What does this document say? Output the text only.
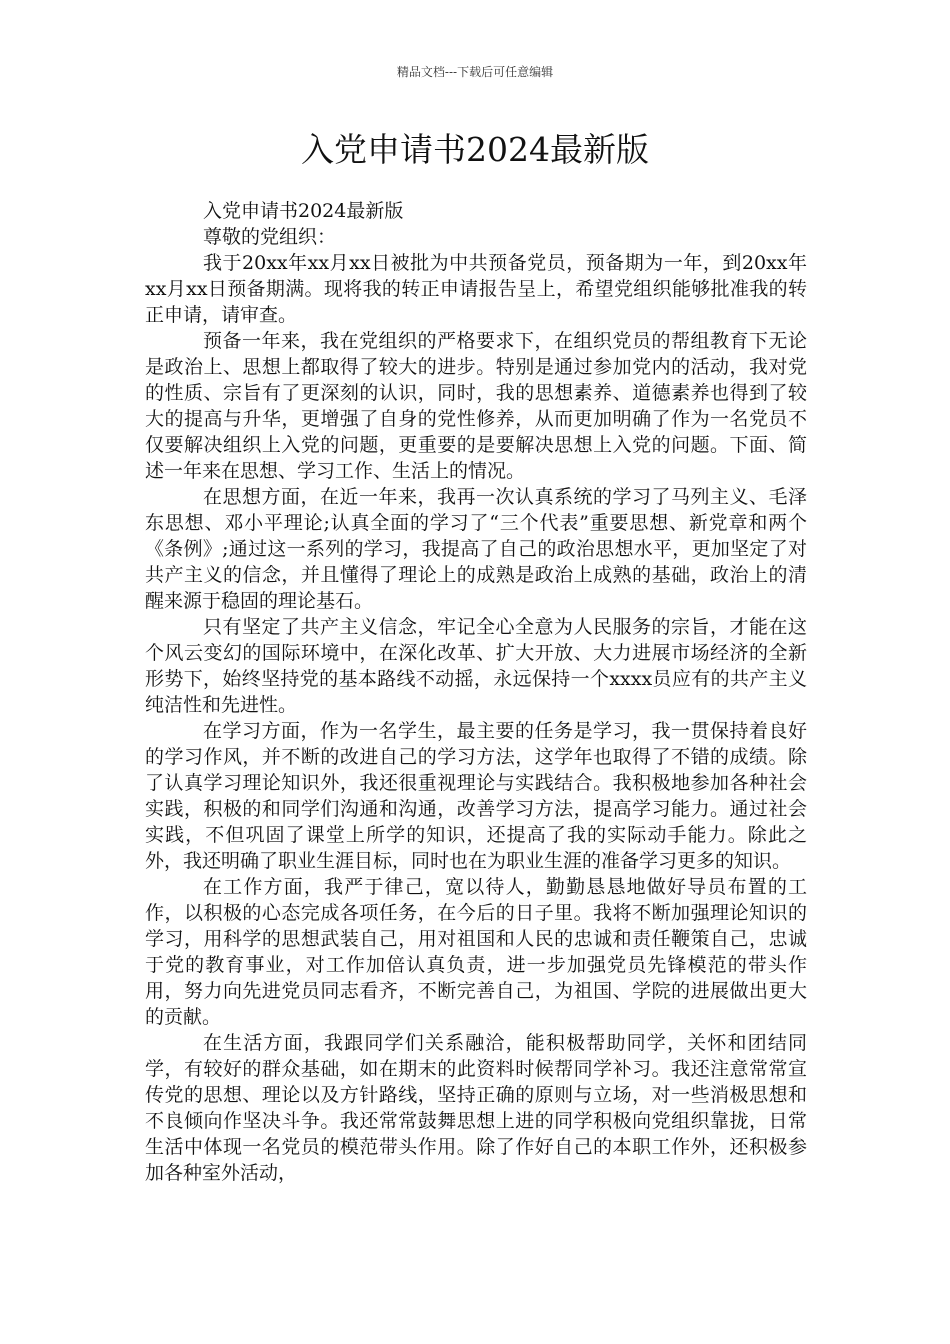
精品文档---下载后可任意编辑
入党申请书2024最新版

入党申请书2024最新版

尊敬的党组织：

我于20xx年xx月xx日被批为中共预备党员，预备期为一年，到20xx年xx月xx日预备期满。现将我的转正申请报告呈上，希望党组织能够批准我的转正申请，请审查。

预备一年来，我在党组织的严格要求下，在组织党员的帮组教育下无论是政治上、思想上都取得了较大的进步。特别是通过参加党内的活动，我对党的性质、宗旨有了更深刻的认识，同时，我的思想素养、道德素养也得到了较大的提高与升华，更增强了自身的党性修养，从而更加明确了作为一名党员不仅要解决组织上入党的问题，更重要的是要解决思想上入党的问题。下面、简述一年来在思想、学习工作、生活上的情况。

在思想方面，在近一年来，我再一次认真系统的学习了马列主义、毛泽东思想、邓小平理论;认真全面的学习了“三个代表”重要思想、新党章和两个《条例》;通过这一系列的学习，我提高了自己的政治思想水平，更加坚定了对共产主义的信念，并且懂得了理论上的成熟是政治上成熟的基础，政治上的清醒来源于稳固的理论基石。

只有坚定了共产主义信念，牢记全心全意为人民服务的宗旨，才能在这个风云变幻的国际环境中，在深化改革、扩大开放、大力进展市场经济的全新形势下，始终坚持党的基本路线不动摇，永远保持一个xxxx员应有的共产主义纯洁性和先进性。

在学习方面，作为一名学生，最主要的任务是学习，我一贯保持着良好的学习作风，并不断的改进自己的学习方法，这学年也取得了不错的成绩。除了认真学习理论知识外，我还很重视理论与实践结合。我积极地参加各种社会实践，积极的和同学们沟通和沟通，改善学习方法，提高学习能力。通过社会实践，不但巩固了课堂上所学的知识，还提高了我的实际动手能力。除此之外，我还明确了职业生涯目标，同时也在为职业生涯的准备学习更多的知识。

在工作方面，我严于律己，宽以待人，勤勤恳恳地做好导员布置的工作，以积极的心态完成各项任务，在今后的日子里。我将不断加强理论知识的学习，用科学的思想武装自己，用对祖国和人民的忠诚和责任鞭策自己，忠诚于党的教育事业，对工作加倍认真负责，进一步加强党员先锋模范的带头作用，努力向先进党员同志看齐，不断完善自己，为祖国、学院的进展做出更大的贡献。

在生活方面，我跟同学们关系融洽，能积极帮助同学，关怀和团结同学，有较好的群众基础，如在期末的此资料时候帮同学补习。我还注意常常宣传党的思想、理论以及方针路线，坚持正确的原则与立场，对一些消极思想和不良倾向作坚决斗争。我还常常鼓舞思想上进的同学积极向党组织靠拢，日常生活中体现一名党员的模范带头作用。除了作好自己的本职工作外，还积极参加各种室外活动，
